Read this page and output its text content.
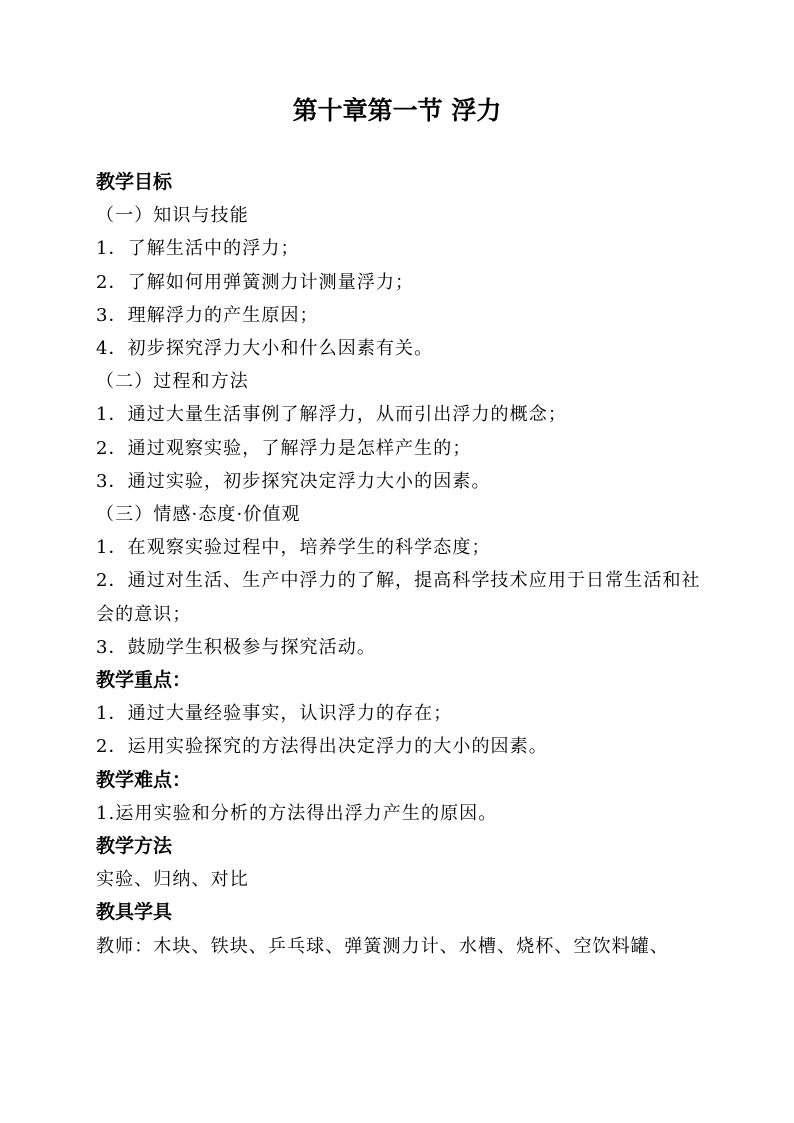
第十章第一节 浮力
教学目标
（一）知识与技能
1．了解生活中的浮力；
2．了解如何用弹簧测力计测量浮力；
3．理解浮力的产生原因；
4．初步探究浮力大小和什么因素有关。
（二）过程和方法
1．通过大量生活事例了解浮力，从而引出浮力的概念；
2．通过观察实验，了解浮力是怎样产生的；
3．通过实验，初步探究决定浮力大小的因素。
（三）情感·态度·价值观
1．在观察实验过程中，培养学生的科学态度；
2．通过对生活、生产中浮力的了解，提高科学技术应用于日常生活和社会的意识；
3．鼓励学生积极参与探究活动。
教学重点：
1．通过大量经验事实，认识浮力的存在；
2．运用实验探究的方法得出决定浮力的大小的因素。
教学难点：
1.运用实验和分析的方法得出浮力产生的原因。
教学方法
实验、归纳、对比
教具学具
教师：木块、铁块、乒乓球、弹簧测力计、水槽、烧杯、空饮料罐、
